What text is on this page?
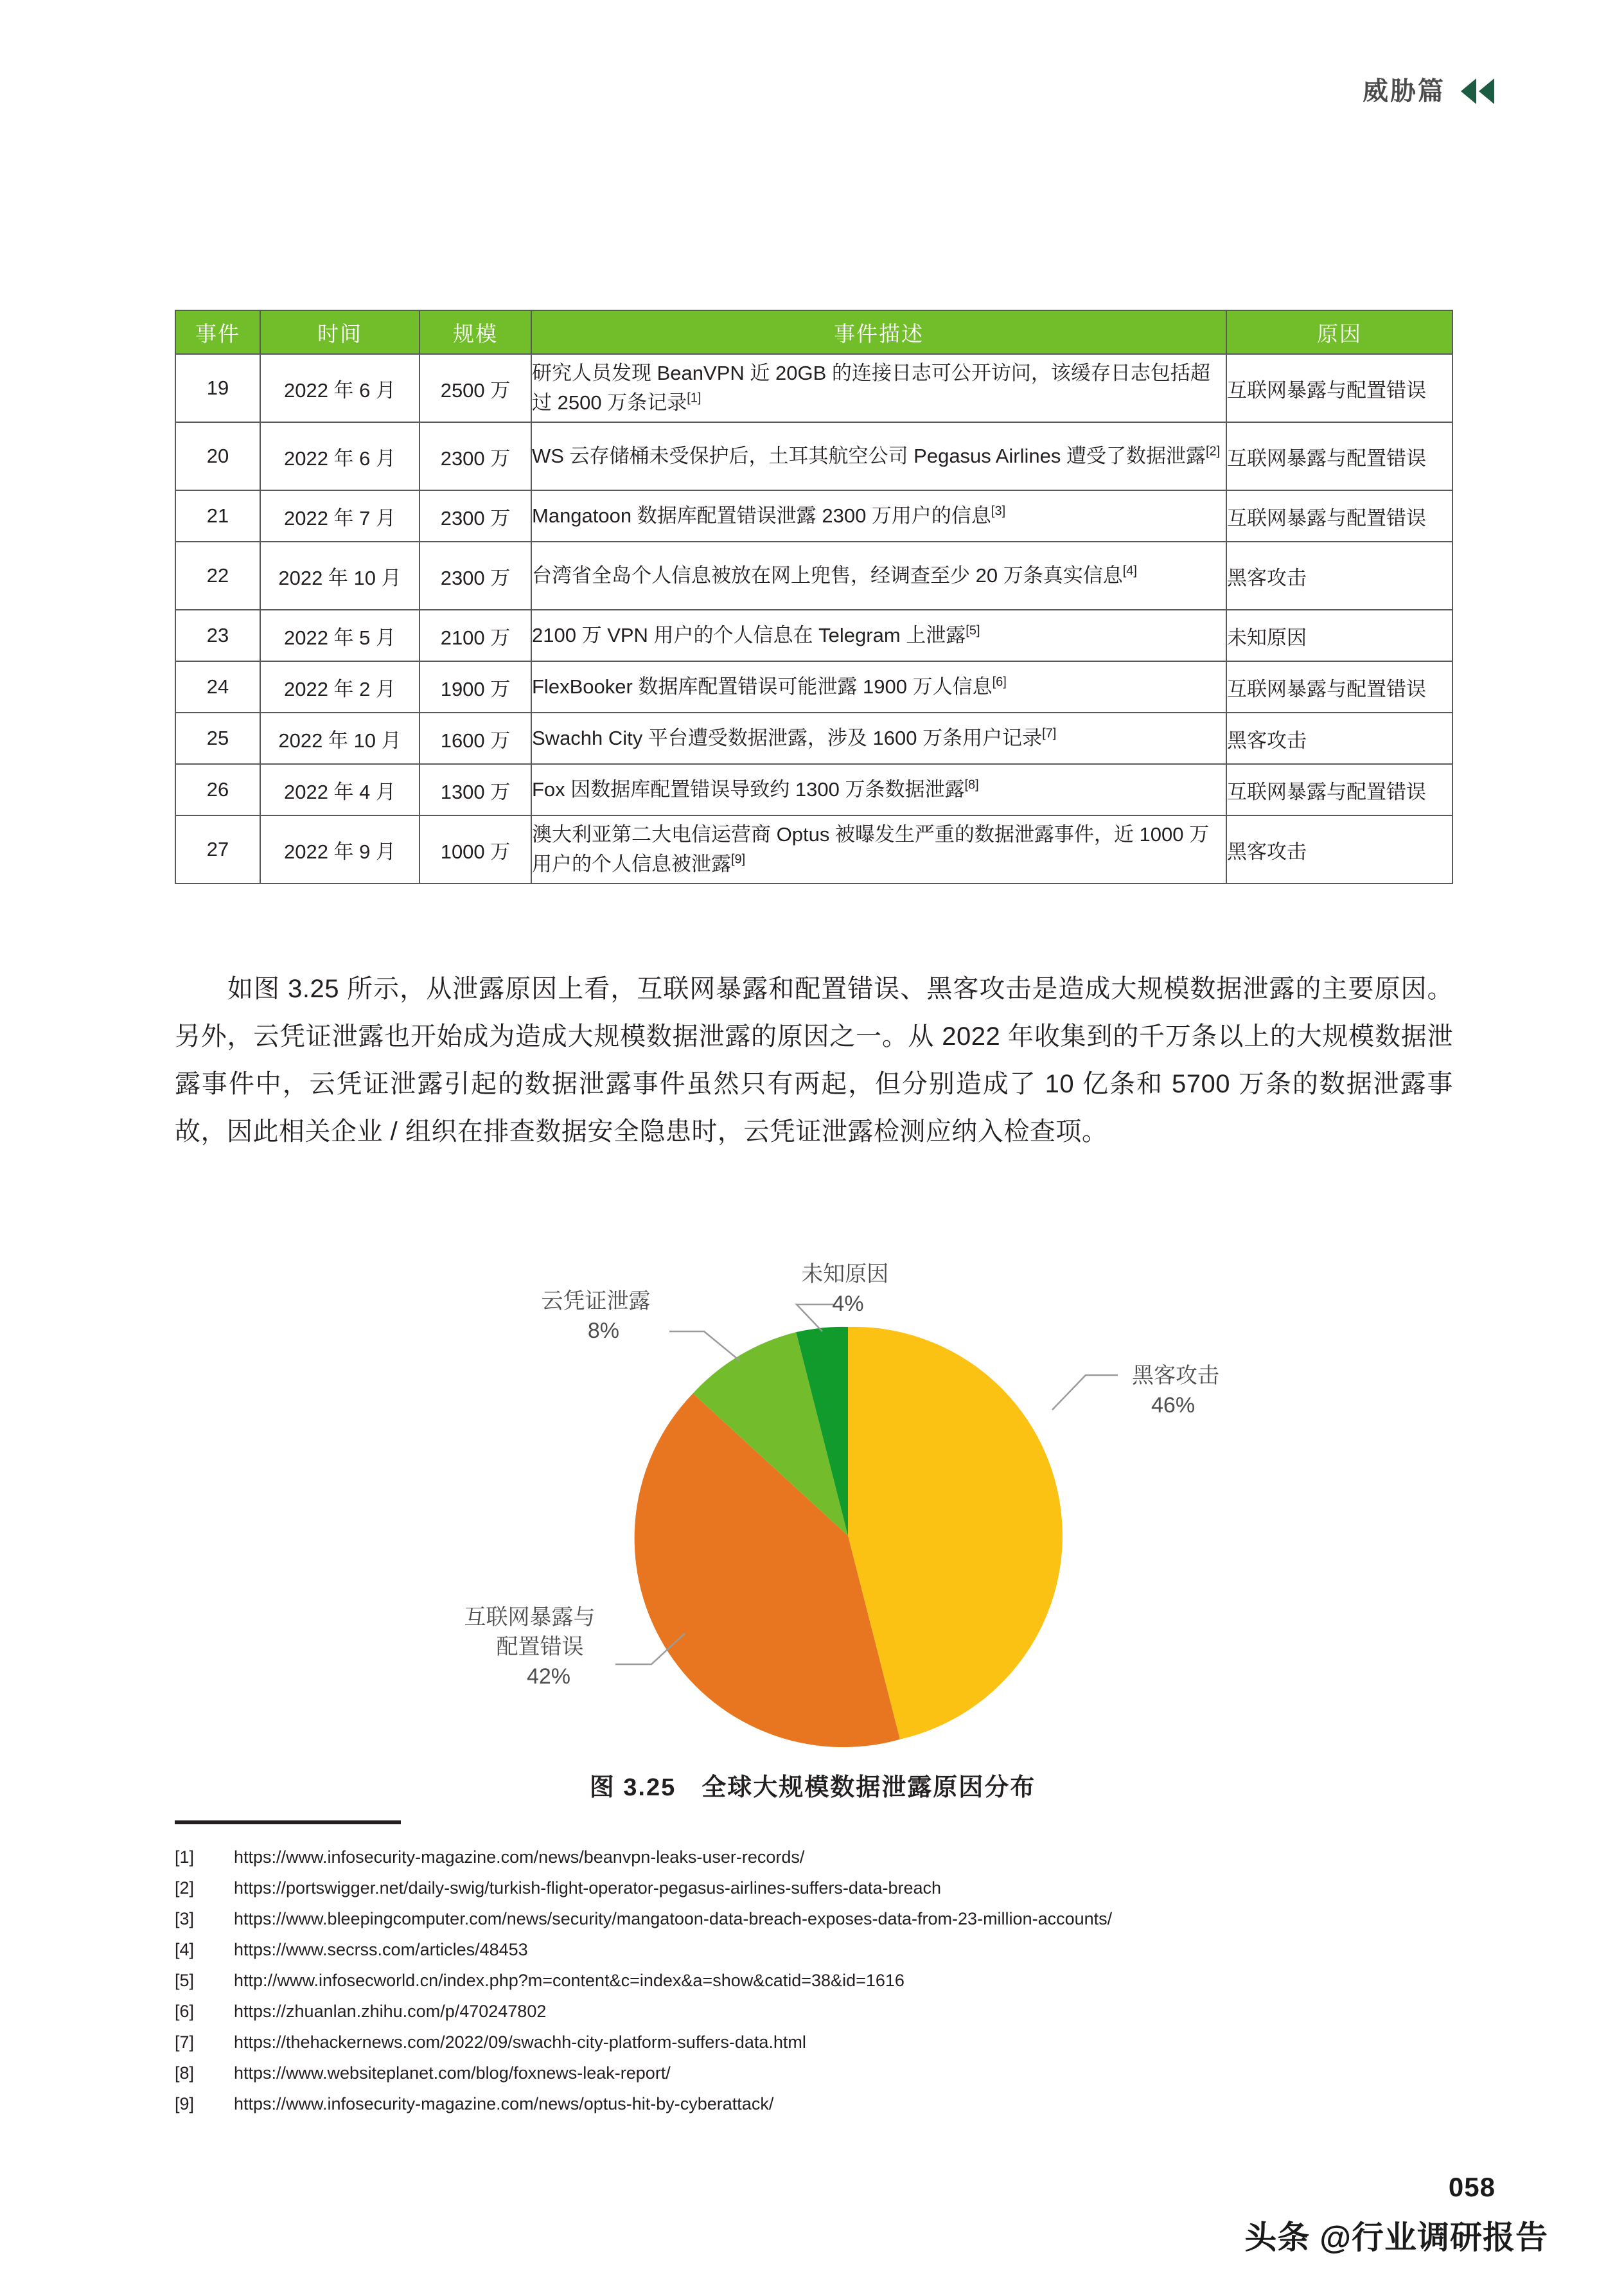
威胁篇
事件	时间	规模	事件描述	原因
19	2022 年 6 月	2500 万	研究人员发现 BeanVPN 近 20GB 的连接日志可公开访问，该缓存日志包括超过 2500 万条记录[1]	互联网暴露与配置错误
20	2022 年 6 月	2300 万	WS 云存储桶未受保护后，土耳其航空公司 Pegasus Airlines 遭受了数据泄露[2]	互联网暴露与配置错误
21	2022 年 7 月	2300 万	Mangatoon 数据库配置错误泄露 2300 万用户的信息[3]	互联网暴露与配置错误
22	2022 年 10 月	2300 万	台湾省全岛个人信息被放在网上兜售，经调查至少 20 万条真实信息[4]	黑客攻击
23	2022 年 5 月	2100 万	2100 万 VPN 用户的个人信息在 Telegram 上泄露[5]	未知原因
24	2022 年 2 月	1900 万	FlexBooker 数据库配置错误可能泄露 1900 万人信息[6]	互联网暴露与配置错误
25	2022 年 10 月	1600 万	Swachh City 平台遭受数据泄露，涉及 1600 万条用户记录[7]	黑客攻击
26	2022 年 4 月	1300 万	Fox 因数据库配置错误导致约 1300 万条数据泄露[8]	互联网暴露与配置错误
27	2022 年 9 月	1000 万	澳大利亚第二大电信运营商 Optus 被曝发生严重的数据泄露事件，近 1000 万用户的个人信息被泄露[9]	黑客攻击

如图 3.25 所示，从泄露原因上看，互联网暴露和配置错误、黑客攻击是造成大规模数据泄露的主要原因。另外，云凭证泄露也开始成为造成大规模数据泄露的原因之一。从 2022 年收集到的千万条以上的大规模数据泄露事件中，云凭证泄露引起的数据泄露事件虽然只有两起，但分别造成了 10 亿条和 5700 万条的数据泄露事故，因此相关企业 / 组织在排查数据安全隐患时，云凭证泄露检测应纳入检查项。

黑客攻击 46%
互联网暴露与 配置错误 42%
云凭证泄露 8%
未知原因 4%
图 3.25　全球大规模数据泄露原因分布
[1]	https://www.infosecurity-magazine.com/news/beanvpn-leaks-user-records/
[2]	https://portswigger.net/daily-swig/turkish-flight-operator-pegasus-airlines-suffers-data-breach
[3]	https://www.bleepingcomputer.com/news/security/mangatoon-data-breach-exposes-data-from-23-million-accounts/
[4]	https://www.secrss.com/articles/48453
[5]	http://www.infosecworld.cn/index.php?m=content&c=index&a=show&catid=38&id=1616
[6]	https://zhuanlan.zhihu.com/p/470247802
[7]	https://thehackernews.com/2022/09/swachh-city-platform-suffers-data.html
[8]	https://www.websiteplanet.com/blog/foxnews-leak-report/
[9]	https://www.infosecurity-magazine.com/news/optus-hit-by-cyberattack/
058
头条 @行业调研报告
